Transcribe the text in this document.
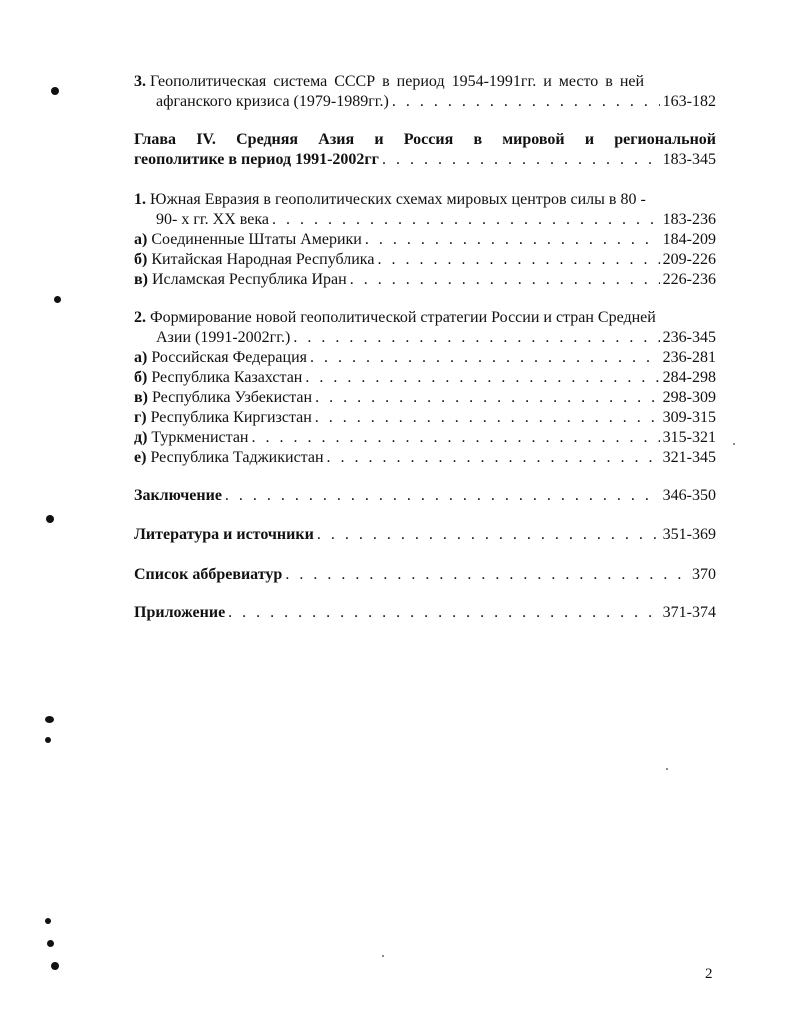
3. Геополитическая система СССР в период 1954-1991гг. и место в ней
афганского кризиса (1979-1989гг.) . . .	163-182
Глава IV. Средняя Азия и Россия в мировой и региональной
геополитике в период 1991-2002гг . . .	183-345
1. Южная Евразия в геополитических схемах мировых центров силы в 80 -
90- х гг. XX века . . .	183-236
а) Соединенные Штаты Америки . . .	184-209
б) Китайская Народная Республика . . .	209-226
в) Исламская Республика Иран . . .	226-236
2. Формирование новой геополитической стратегии России и стран Средней
Азии (1991-2002гг.) . . .	236-345
а) Российская Федерация . . .	236-281
б) Республика Казахстан . . .	284-298
в) Республика Узбекистан . . .	298-309
г) Республика Киргизстан . . .	309-315
д) Туркменистан . . .	315-321
е) Республика Таджикистан . . .	321-345
Заключение . . .	346-350
Литература и источники . . .	351-369
Список аббревиатур . . .	370
Приложение . . .	371-374
2
